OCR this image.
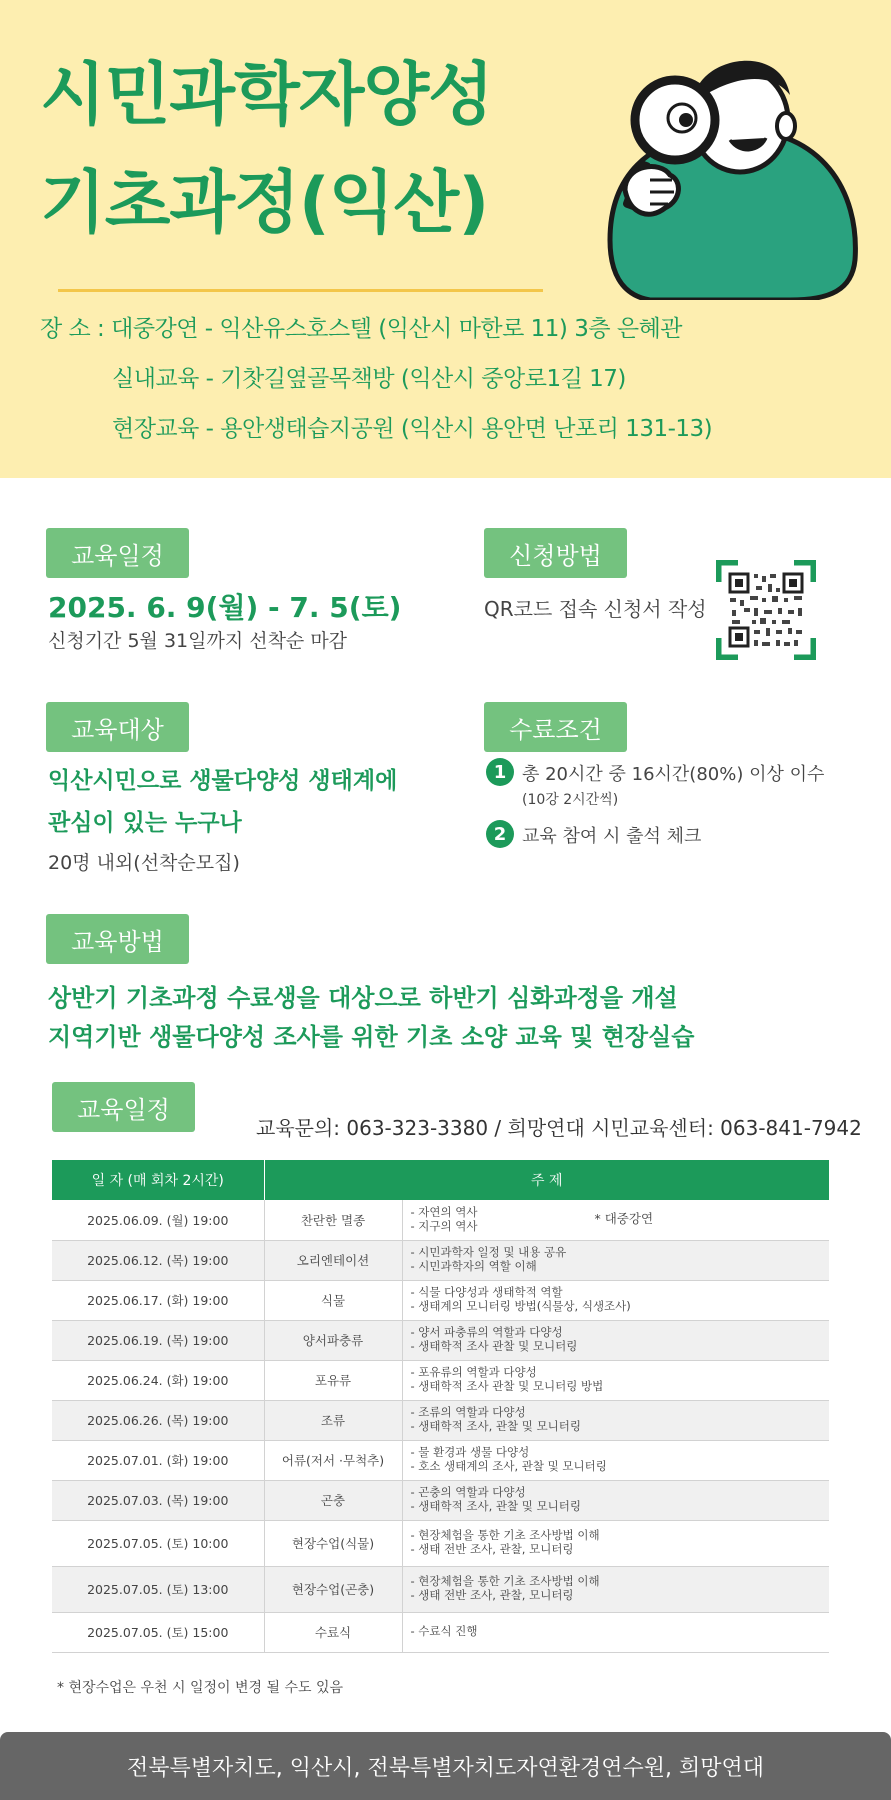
시민과학자양성
기초과정(익산)
장 소 : 대중강연 - 익산유스호스텔 (익산시 마한로 11) 3층 은혜관
실내교육 - 기찻길옆골목책방 (익산시 중앙로1길 17)
현장교육 - 용안생태습지공원 (익산시 용안면 난포리 131-13)
교육일정
2025. 6. 9(월) - 7. 5(토)
신청기간 5월 31일까지 선착순 마감
신청방법
QR코드 접속 신청서 작성
교육대상
익산시민으로 생물다양성 생태계에
관심이 있는 누구나
20명 내외(선착순모집)
수료조건
1 총 20시간 중 16시간(80%) 이상 이수
(10강 2시간씩)
2 교육 참여 시 출석 체크
교육방법
상반기 기초과정 수료생을 대상으로 하반기 심화과정을 개설
지역기반 생물다양성 조사를 위한 기초 소양 교육 및 현장실습
교육일정
교육문의: 063-323-3380 / 희망연대 시민교육센터: 063-841-7942
일 자 (매 회차 2시간)	주 제	
2025.06.09. (월) 19:00	찬란한 멸종	- 자연의 역사
- 지구의 역사 * 대중강연

2025.06.12. (목) 19:00	오리엔테이션	- 시민과학자 일정 및 내용 공유
- 시민과학자의 역할 이해

2025.06.17. (화) 19:00	식물	- 식물 다양성과 생태학적 역할
- 생태계의 모니터링 방법(식물상, 식생조사)

2025.06.19. (목) 19:00	양서파충류	- 양서 파충류의 역할과 다양성
- 생태학적 조사 관찰 및 모니터링

2025.06.24. (화) 19:00	포유류	- 포유류의 역할과 다양성
- 생태학적 조사 관찰 및 모니터링 방법

2025.06.26. (목) 19:00	조류	- 조류의 역할과 다양성
- 생태학적 조사, 관찰 및 모니터링

2025.07.01. (화) 19:00	어류(저서 ·무척추)	- 물 환경과 생물 다양성
- 호소 생태계의 조사, 관찰 및 모니터링

2025.07.03. (목) 19:00	곤충	- 곤충의 역할과 다양성
- 생태학적 조사, 관찰 및 모니터링

2025.07.05. (토) 10:00	현장수업(식물)	- 현장체험을 통한 기초 조사방법 이해
- 생태 전반 조사, 관찰, 모니터링

2025.07.05. (토) 13:00	현장수업(곤충)	- 현장체험을 통한 기초 조사방법 이해
- 생태 전반 조사, 관찰, 모니터링

2025.07.05. (토) 15:00	수료식	- 수료식 진행
* 현장수업은 우천 시 일정이 변경 될 수도 있음
전북특별자치도, 익산시, 전북특별자치도자연환경연수원, 희망연대
